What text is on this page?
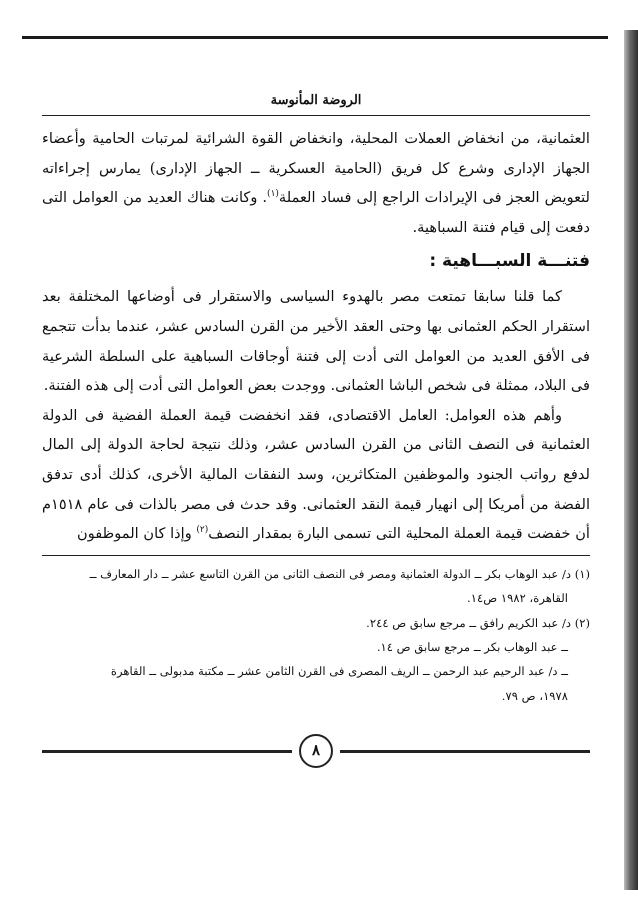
الروضة المأنوسة

العثمانية، من انخفاض العملات المحلية، وانخفاض القوة الشرائية لمرتبات الحامية وأعضاء الجهاز الإدارى وشرع كل فريق (الحامية العسكرية ــ الجهاز الإدارى) يمارس إجراءاته لتعويض العجز فى الإيرادات الراجع إلى فساد العملة$^{(١)}$. وكانت هناك العديد من العوامل التى دفعت إلى قيام فتنة السباهية.

فتنـــة السبـــاهية :

كما قلنا سابقا تمتعت مصر بالهدوء السياسى والاستقرار فى أوضاعها المختلفة بعد استقرار الحكم العثمانى بها وحتى العقد الأخير من القرن السادس عشر، عندما بدأت تتجمع فى الأفق العديد من العوامل التى أدت إلى فتنة أوجاقات السباهية على السلطة الشرعية فى البلاد، ممثلة فى شخص الباشا العثمانى. ووجدت بعض العوامل التى أدت إلى هذه الفتنة.

وأهم هذه العوامل: العامل الاقتصادى، فقد انخفضت قيمة العملة الفضية فى الدولة العثمانية فى النصف الثانى من القرن السادس عشر، وذلك نتيجة لحاجة الدولة إلى المال لدفع رواتب الجنود والموظفين المتكاثرين، وسد النفقات المالية الأخرى، كذلك أدى تدفق الفضة من أمريكا إلى انهيار قيمة النقد العثمانى. وقد حدث فى مصر بالذات فى عام ١٥١٨م أن خفضت قيمة العملة المحلية التى تسمى البارة بمقدار النصف$^{(٢)}$ وإذا كان الموظفون

(١) د/ عبد الوهاب بكر ــ الدولة العثمانية ومصر فى النصف الثانى من القرن التاسع عشر ــ دار المعارف ــ

القاهرة، ١٩٨٢ ص١٤.

(٢) د/ عبد الكريم رافق ــ مرجع سابق ص ٢٤٤.

ــ عبد الوهاب بكر ــ مرجع سابق ص ١٤.

ــ د/ عبد الرحيم عبد الرحمن ــ الريف المصرى فى القرن الثامن عشر ــ مكتبة مدبولى ــ القاهرة

١٩٧٨، ص ٧٩.

٨
